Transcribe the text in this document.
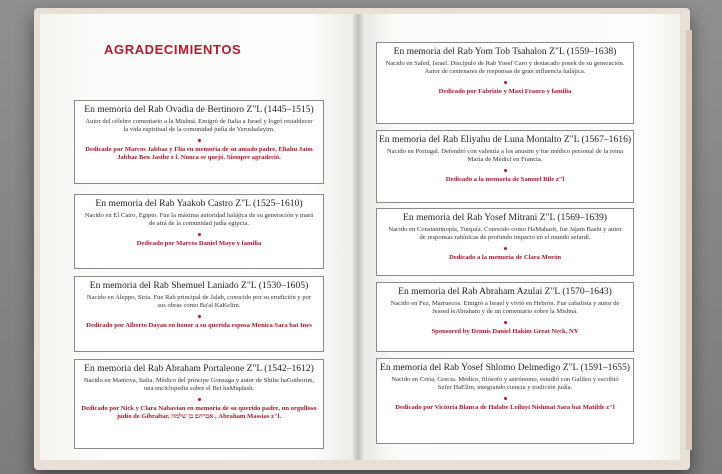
AGRADECIMIENTOS
En memoria del Rab Ovadia de Bertinoro Z"L (1445–1515)
Autor del célebre comentario a la Mishná. Emigró de Italia a Israel y logró restablecer la vida espiritual de la comunidad judía de Yerushalayim.
Dedicado por Marcos Jabbaz y Flia en memoria de su amado padre, Eliahu Jaim Jabbaz Ben Jasibe z l. Nunca se quejó. Siempre agradeció.
En memoria del Rab Yaakob Castro Z"L (1525–1610)
Nacido en El Cairo, Egipto. Fue la máxima autoridad halájica de su generación y mará de atrá de la comunidad judía egipcia.
Dedicado por Marcos Daniel Mayo y familia
En memoria del Rab Shemuel Laniado Z"L (1530–1605)
Nacido en Aleppo, Siria. Fue Rab principal de Jalab, conocido por su erudición y por sus obras como Ba'al KaKelim.
Dedicado por Alberto Dayan en honor a su querida esposa Monica Sara bat Ines
En memoria del Rab Abraham Portaleone Z"L (1542–1612)
Nacido en Mantova, Italia. Médico del príncipe Gonzaga y autor de Shilte haGuiborim, una enciclopedia sobre el Bet haMiqdash.
Dedicado por Nick y Clara Nabavian en memoria de su querido padre, un orgulloso judío de Gibraltar, אברהם בן שלמה , Abraham Massias z"l.
En memoria del Rab Yom Tob Tsahalon Z"L (1559–1638)
Nacido en Safed, Israel. Discípulo de Rab Yosef Caro y destacado posek de su generación. Autor de centenares de responsas de gran influencia halájica.
Dedicado por Fabrizio y Maxi Franco y familia
En memoria del Rab Eliyahu de Luna Montalto Z"L (1567–1616)
Nacido en Portugal. Defendió con valentía a los anusim y fue médico personal de la reina María de Médici en Francia.
Dedicado a la memoria de Samuel Bile z"l
En memoria del Rab Yosef Mitrani Z"L (1569–1639)
Nacido en Constantinopla, Turquía. Conocido como HaMaharit, fue Jajam Bashi y autor de responsas rabínicas de profundo impacto en el mundo sefardí.
Dedicado a la memoria de Clara Morón
En memoria del Rab Abraham Azulai Z"L (1570–1643)
Nacido en Fez, Marruecos. Emigró a Israel y vivió en Hebrón. Fue cabalista y autor de Jessed leAbraham y de un comentario sobre la Mishná.
Sponsored by Dennis Daniel Hakim Great Neck, NY
En memoria del Rab Yosef Shlomo Delmedigo Z"L (1591–1655)
Nacido en Creta, Grecia. Médico, filósofo y astrónomo, estudió con Galileo y escribió Sefer HaElim, integrando ciencia y tradición judía.
Dedicado por Victoria Blanca de Halabe Leiluyi Nishmat Sara bat Matilde z"l
